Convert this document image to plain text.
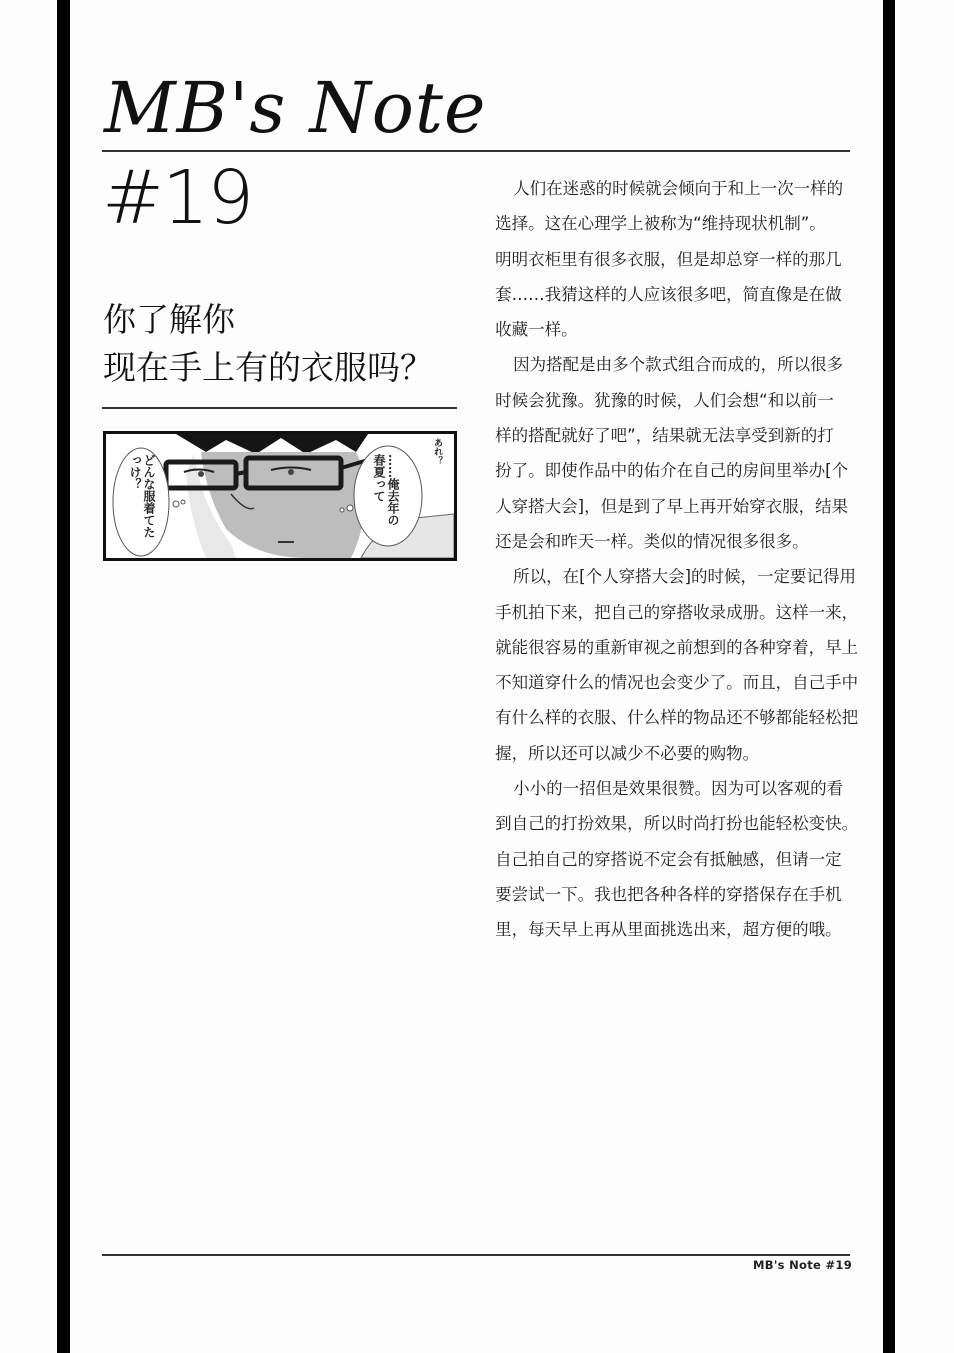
MB's Note
#19
你了解你
现在手上有的衣服吗？
どんな服着てたっけ？	……俺去年の春夏って
あれ？

人们在迷惑的时候就会倾向于和上一次一样的
选择。这在心理学上被称为“维持现状机制”。
明明衣柜里有很多衣服，但是却总穿一样的那几
套……我猜这样的人应该很多吧，简直像是在做
收藏一样。

因为搭配是由多个款式组合而成的，所以很多
时候会犹豫。犹豫的时候，人们会想“和以前一
样的搭配就好了吧”，结果就无法享受到新的打
扮了。即使作品中的佑介在自己的房间里举办[个
人穿搭大会]，但是到了早上再开始穿衣服，结果
还是会和昨天一样。类似的情况很多很多。

所以，在[个人穿搭大会]的时候，一定要记得用
手机拍下来，把自己的穿搭收录成册。这样一来，
就能很容易的重新审视之前想到的各种穿着，早上
不知道穿什么的情况也会变少了。而且，自己手中
有什么样的衣服、什么样的物品还不够都能轻松把
握，所以还可以减少不必要的购物。

小小的一招但是效果很赞。因为可以客观的看
到自己的打扮效果，所以时尚打扮也能轻松变快。
自己拍自己的穿搭说不定会有抵触感，但请一定
要尝试一下。我也把各种各样的穿搭保存在手机
里，每天早上再从里面挑选出来，超方便的哦。

MB's Note #19
